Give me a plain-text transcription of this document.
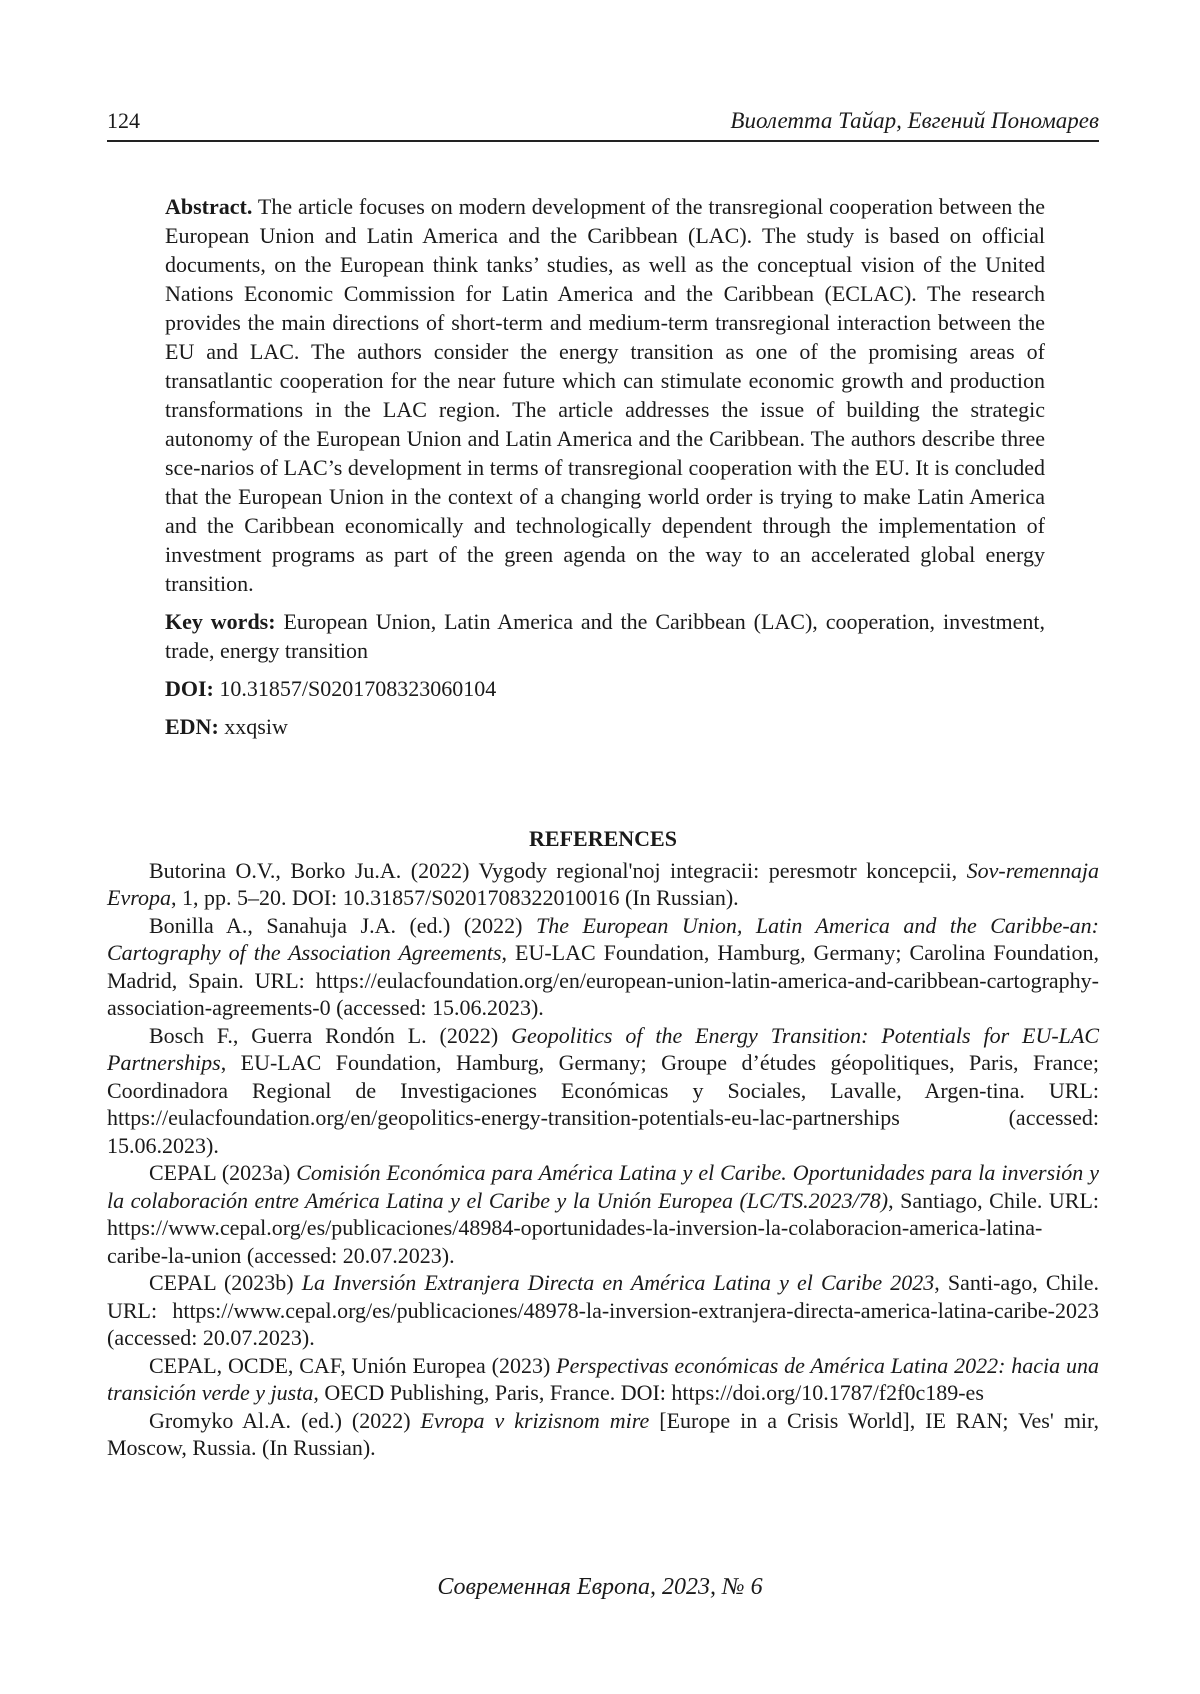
124	Виолетта Тайар, Евгений Пономарев

Abstract. The article focuses on modern development of the transregional cooperation between the European Union and Latin America and the Caribbean (LAC). The study is based on official documents, on the European think tanks’ studies, as well as the conceptual vision of the United Nations Economic Commission for Latin America and the Caribbean (ECLAC). The research provides the main directions of short-term and medium-term transregional interaction between the EU and LAC. The authors consider the energy transition as one of the promising areas of transatlantic cooperation for the near future which can stimulate economic growth and production transformations in the LAC region. The article addresses the issue of building the strategic autonomy of the European Union and Latin America and the Caribbean. The authors describe three sce-narios of LAC’s development in terms of transregional cooperation with the EU. It is concluded that the European Union in the context of a changing world order is trying to make Latin America and the Caribbean economically and technologically dependent through the implementation of investment programs as part of the green agenda on the way to an accelerated global energy transition.

Key words: European Union, Latin America and the Caribbean (LAC), cooperation, investment, trade, energy transition

DOI: 10.31857/S0201708323060104

EDN: xxqsiw

REFERENCES

Butorina O.V., Borko Ju.A. (2022) Vygody regional'noj integracii: peresmotr koncepcii, Sov-remennaja Evropa, 1, pp. 5–20. DOI: 10.31857/S0201708322010016 (In Russian).

Bonilla A., Sanahuja J.A. (ed.) (2022) The European Union, Latin America and the Caribbe-an: Cartography of the Association Agreements, EU-LAC Foundation, Hamburg, Germany; Carolina Foundation, Madrid, Spain. URL: https://eulacfoundation.org/en/european-union-latin-america-and-caribbean-cartography-association-agreements-0 (accessed: 15.06.2023).

Bosch F., Guerra Rondón L. (2022) Geopolitics of the Energy Transition: Potentials for EU-LAC Partnerships, EU-LAC Foundation, Hamburg, Germany; Groupe d’études géopolitiques, Paris, France; Coordinadora Regional de Investigaciones Económicas y Sociales, Lavalle, Argen-tina. URL: https://eulacfoundation.org/en/geopolitics-energy-transition-potentials-eu-lac-partnerships (accessed: 15.06.2023).

CEPAL (2023a) Comisión Económica para América Latina y el Caribe. Oportunidades para la inversión y la colaboración entre América Latina y el Caribe y la Unión Europea (LC/TS.2023/78), Santiago, Chile. URL: https://www.cepal.org/es/publicaciones/48984-oportunidades-la-inversion-la-colaboracion-america-latina-caribe-la-union (accessed: 20.07.2023).

CEPAL (2023b) La Inversión Extranjera Directa en América Latina y el Caribe 2023, Santi-ago, Chile. URL: https://www.cepal.org/es/publicaciones/48978-la-inversion-extranjera-directa-america-latina-caribe-2023 (accessed: 20.07.2023).

CEPAL, OCDE, CAF, Unión Europea (2023) Perspectivas económicas de América Latina 2022: hacia una transición verde y justa, OECD Publishing, Paris, France. DOI: https://doi.org/10.1787/f2f0c189-es

Gromyko Al.A. (ed.) (2022) Evropa v krizisnom mire [Europe in a Crisis World], IE RAN; Ves' mir, Moscow, Russia. (In Russian).

Современная Европа, 2023, № 6
